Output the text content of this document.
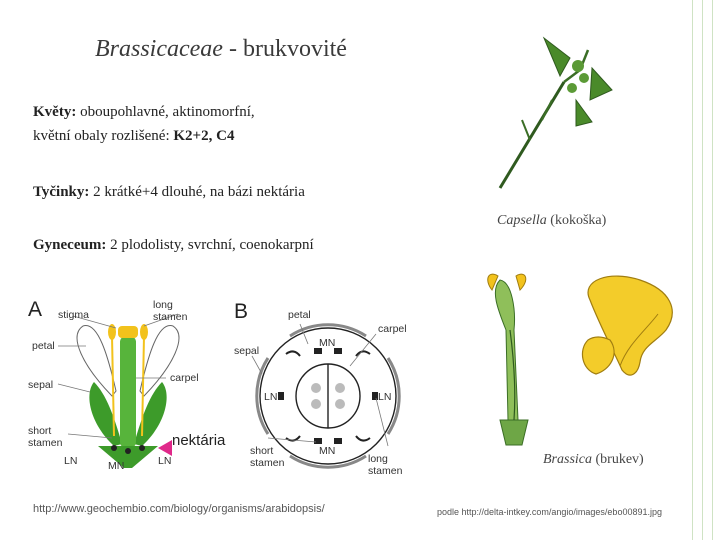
Brassicaceae - brukvovité
Květy: oboupohlavné, aktinomorfní,
květní obaly rozlišené: K2+2, C4
Tyčinky: 2 krátké+4 dlouhé, na bázi nektária
Gyneceum: 2 plodolisty, svrchní, coenokarpní
Capsella (kokoška)
A stigma
long
stamen
petal
carpel
sepal
short
stamen
LN	LN
MN
nektária
B	petal
carpel
sepal
MN
MN
LN	LN
short
stamen	long
stamen
Brassica (brukev)
http://www.geochembio.com/biology/organisms/arabidopsis/	podle http://delta-intkey.com/angio/images/ebo00891.jpg
